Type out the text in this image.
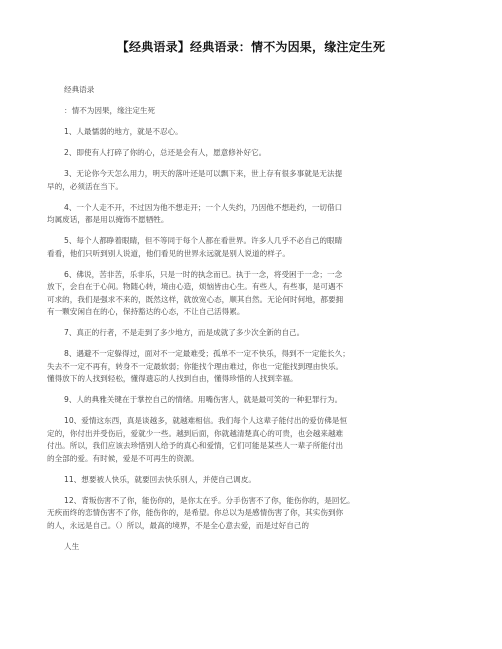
【经典语录】经典语录：情不为因果，缘注定生死
经典语录
：情不为因果，缘注定生死
1、人最懦弱的地方，就是不忍心。
2、即使有人打碎了你的心，总还是会有人，愿意修补好它。
3、无论你今天怎么用力，明天的落叶还是可以飘下来，世上存有很多事就是无法提
早的，必须活在当下。
4、一个人走不开，不过因为他不想走开；一个人失约，乃因他不想赴约，一切借口
均属废话，都是用以掩饰不愿牺牲。
5、每个人都睁着眼睛，但不等同于每个人都在看世界。许多人几乎不必自己的眼睛
看看，他们只听到别人说道，他们看见的世界永远就是别人说道的样子。
6、佛说，苦非苦，乐非乐，只是一时的执念而已。执于一念，将受困于一念；一念
放下，会自在于心间。物随心转，境由心造，烦恼皆由心生。有些人，有些事，是可遇不
可求的，我们是强求不来的，既然这样，就放宽心态，顺其自然。无论何时何地，都要拥
有一颗安闲自在的心，保持豁达的心态，不让自己活得累。
7、真正的行者，不是走到了多少地方，而是成就了多少次全新的自己。
8、遇避不一定躲得过，面对不一定最难受；孤单不一定不快乐，得到不一定能长久；
失去不一定不再有，转身不一定最软弱；你能找个理由难过，你也一定能找到理由快乐。
懂得放下的人找到轻松，懂得遗忘的人找到自由，懂得珍惜的人找到幸福。
9、人的典雅关键在于掌控自己的情绪。用嘴伤害人，就是最可笑的一种犯罪行为。
10、爱情这东西，真是谈越多，就越难相信。我们每个人这辈子能付出的爱仿佛是恒
定的，你付出并受伤后，爱就少一些。越到后面，你就越清楚真心的可贵，也会越来越难
付出。所以，我们应该去珍惜别人给予的真心和爱情，它们可能是某些人一辈子所能付出
的全部的爱。有时候，爱是不可再生的资源。
11、想要被人快乐，就要回去快乐别人，并使自己调皮。
12、背叛伤害不了你，能伤你的，是你太在乎。分手伤害不了你，能伤你的，是回忆。
无疾而终的恋情伤害不了你，能伤你的，是希望。你总以为是感情伤害了你，其实伤到你
的人，永远是自己。（）所以，最高的境界，不是全心意去爱，而是过好自己的
人生
